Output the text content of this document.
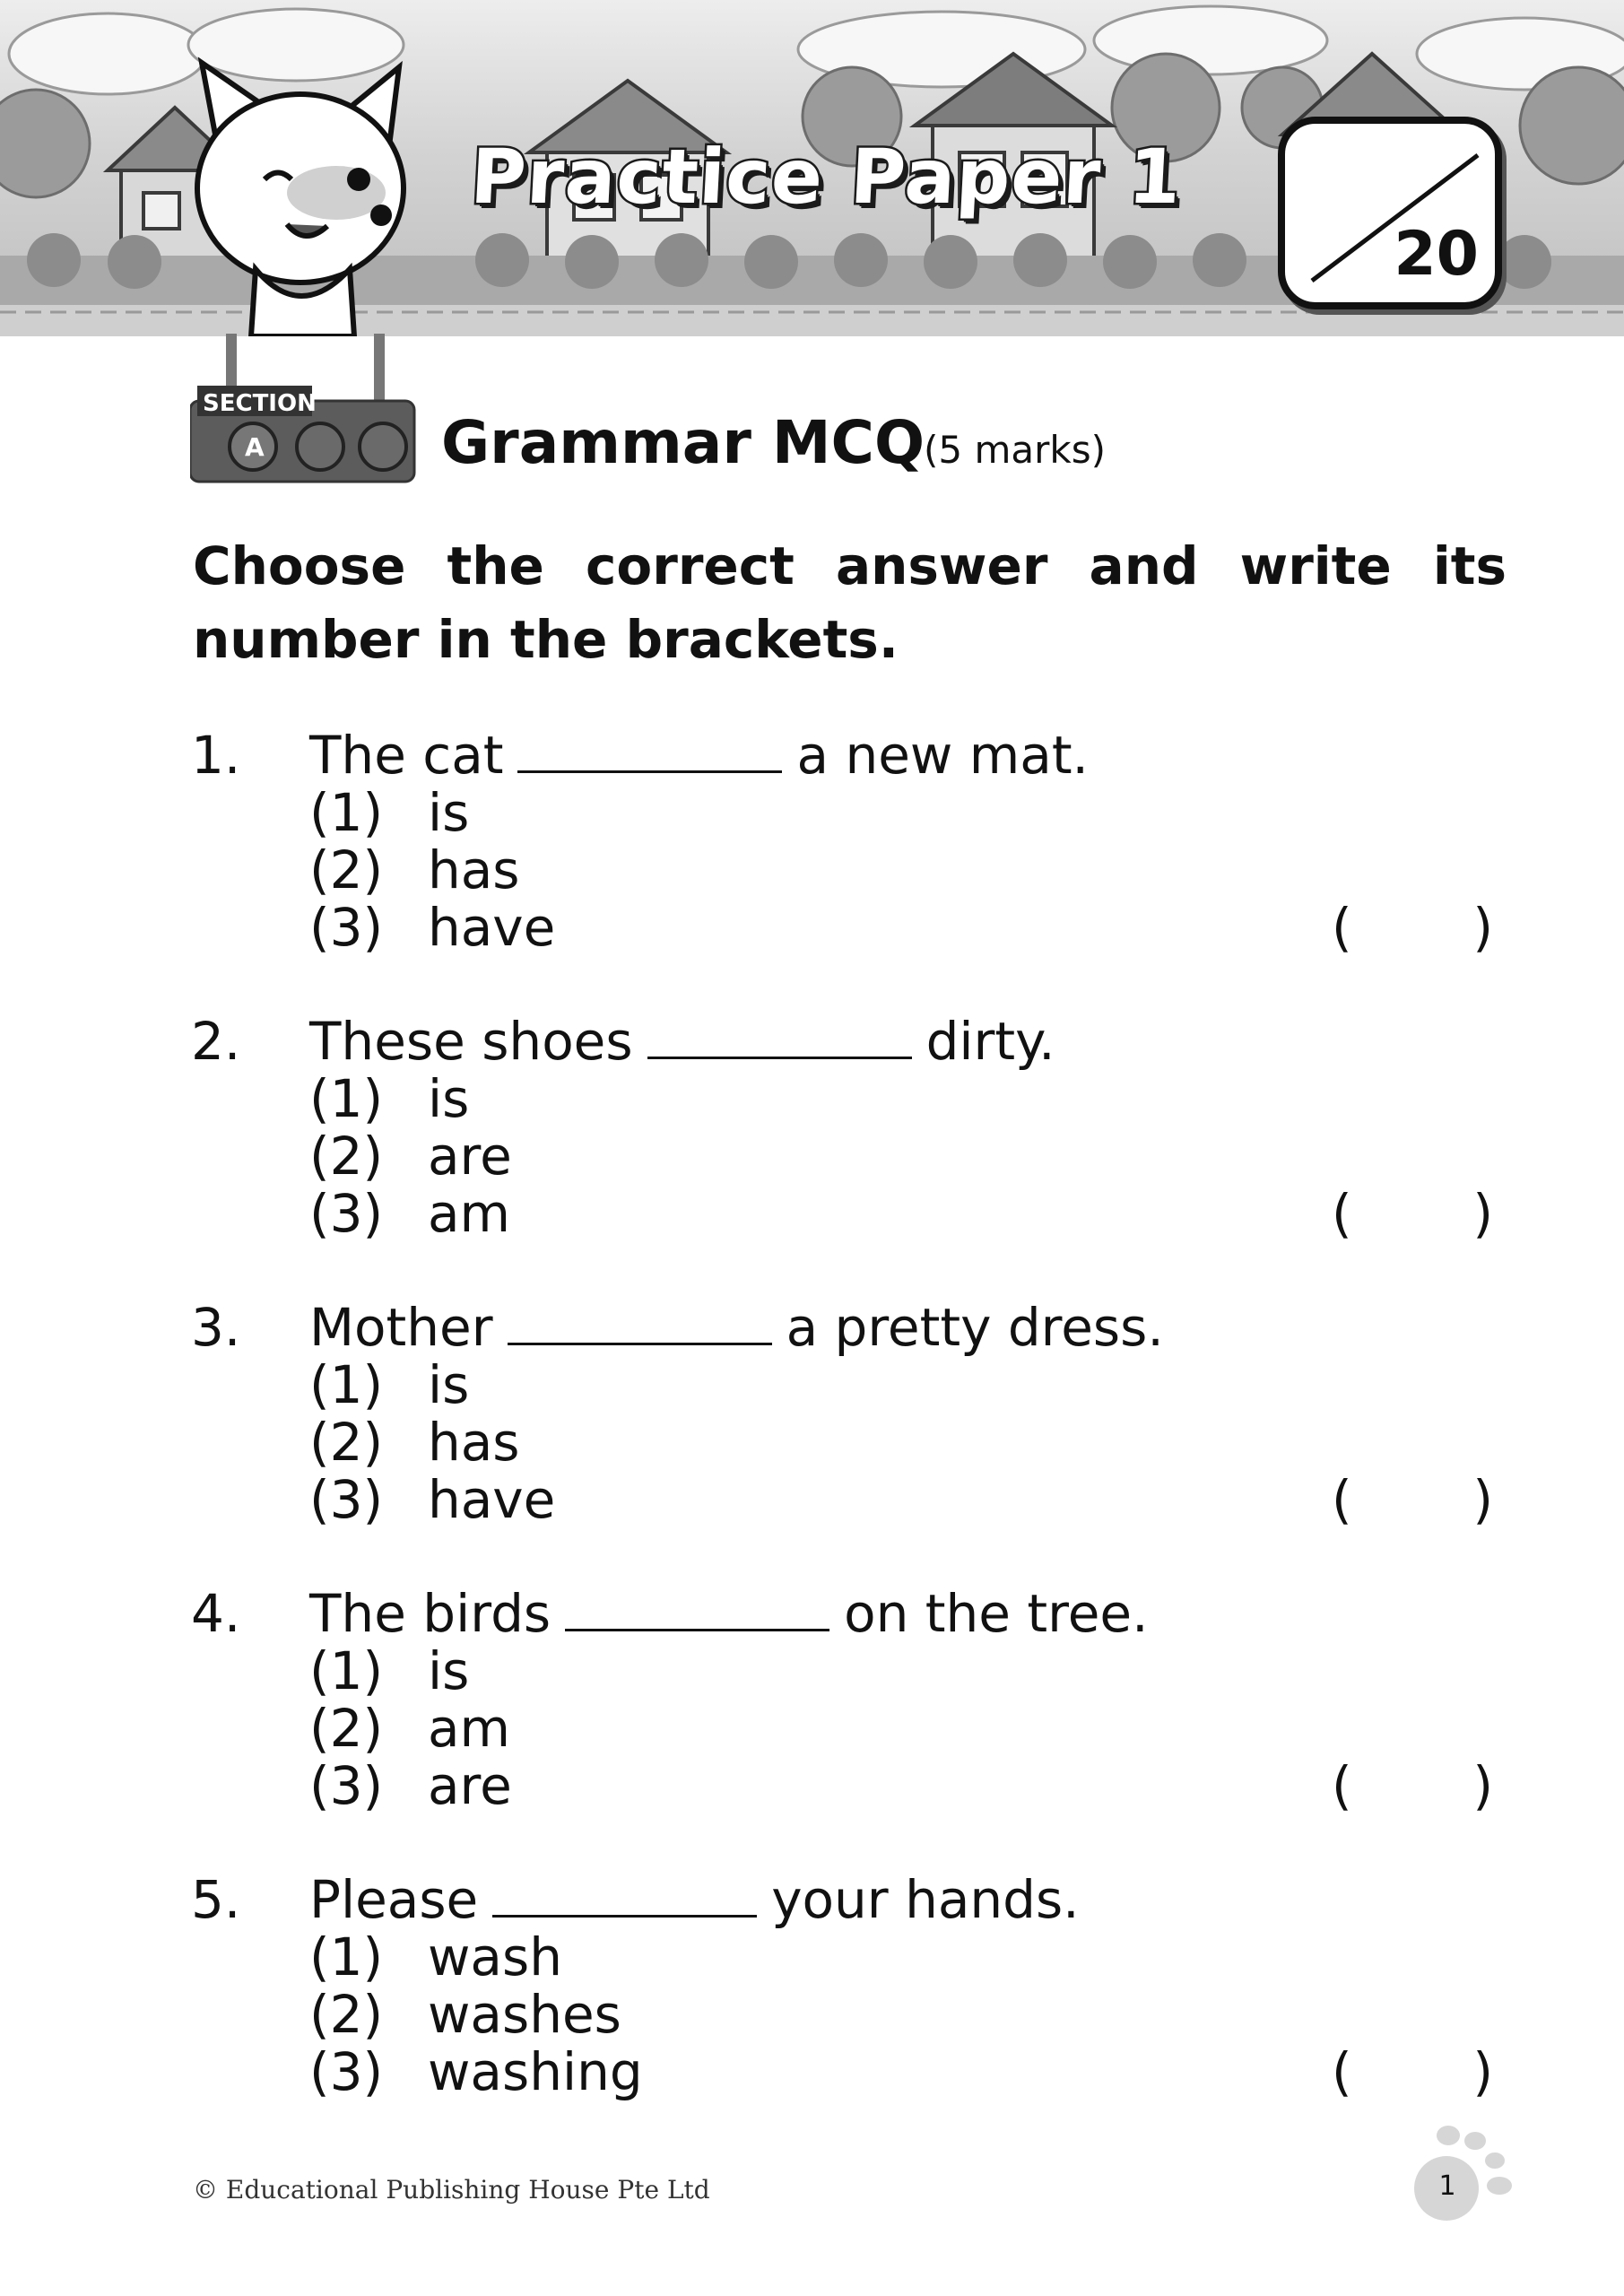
Practice Paper 1
20
SECTION
A	Grammar MCQ
(5 marks)
Choose the correct answer and write its number in the brackets.
1. The cat	a new mat.
(1) is
(2) has
(3) have	( )
2. These shoes	dirty.
(1) is
(2) are
(3) am	( )
3. Mother	a pretty dress.
(1) is
(2) has
(3) have	( )
4. The birds	on the tree.
(1) is
(2) am
(3) are	( )
5. Please	your hands.
(1) wash
(2) washes
(3) washing	( )
© Educational Publishing House Pte Ltd	1
